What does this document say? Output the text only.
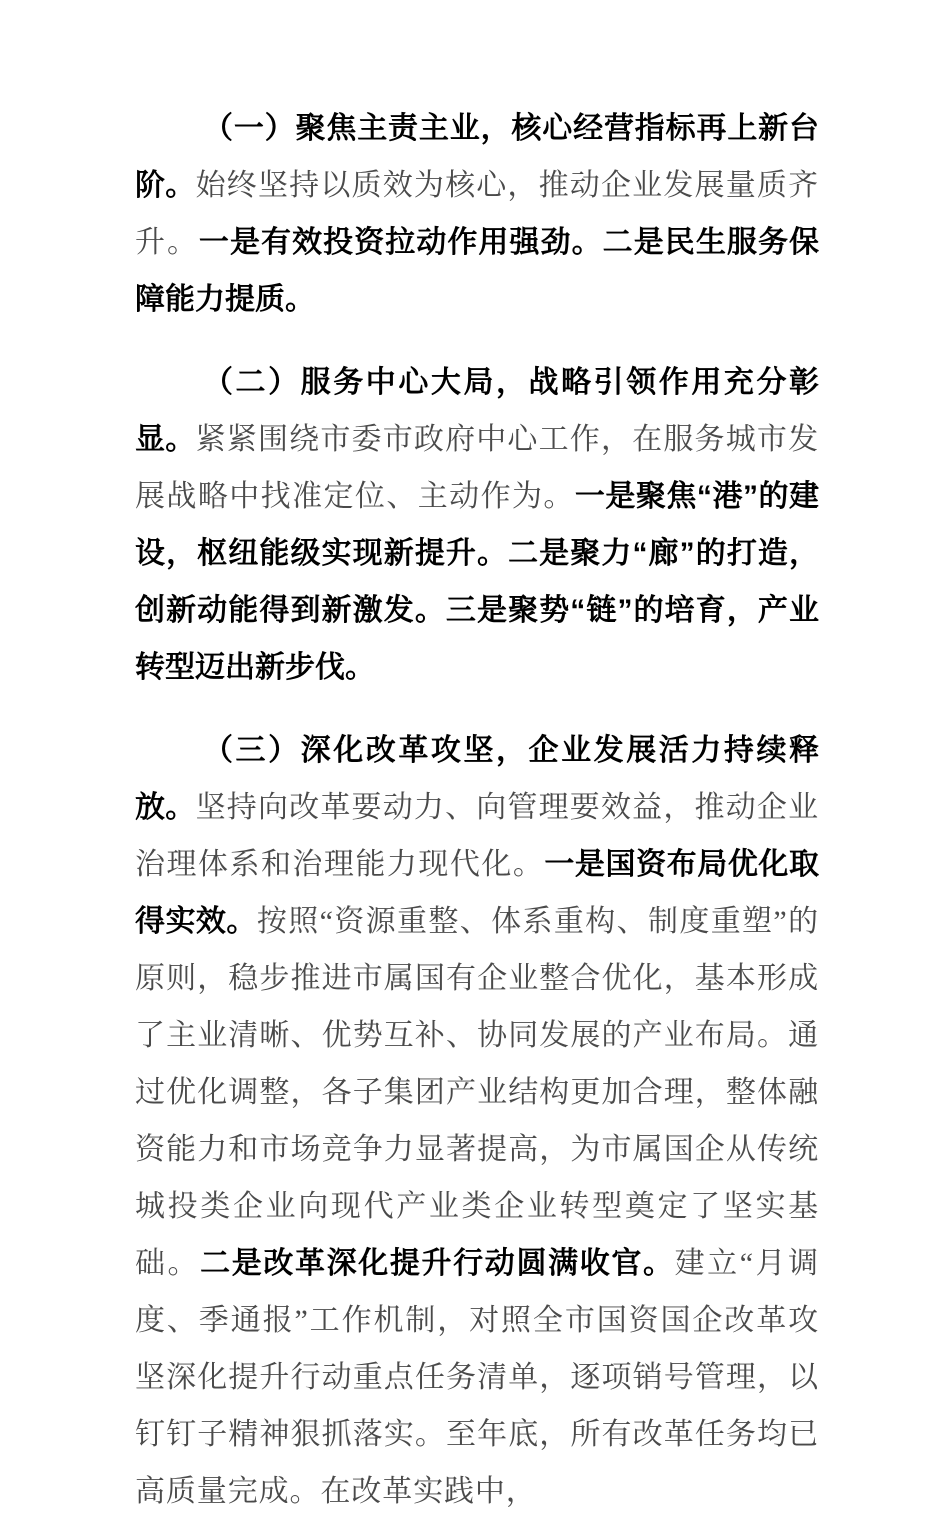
（一）聚焦主责主业，核心经营指标再上新台阶。始终坚持以质效为核心，推动企业发展量质齐升。一是有效投资拉动作用强劲。二是民生服务保障能力提质。

（二）服务中心大局，战略引领作用充分彰显。紧紧围绕市委市政府中心工作，在服务城市发展战略中找准定位、主动作为。一是聚焦“港”的建设，枢纽能级实现新提升。二是聚力“廊”的打造，创新动能得到新激发。三是聚势“链”的培育，产业转型迈出新步伐。

（三）深化改革攻坚，企业发展活力持续释放。坚持向改革要动力、向管理要效益，推动企业治理体系和治理能力现代化。一是国资布局优化取得实效。按照“资源重整、体系重构、制度重塑”的原则，稳步推进市属国有企业整合优化，基本形成了主业清晰、优势互补、协同发展的产业布局。通过优化调整，各子集团产业结构更加合理，整体融资能力和市场竞争力显著提高，为市属国企从传统城投类企业向现代产业类企业转型奠定了坚实基础。二是改革深化提升行动圆满收官。建立“月调度、季通报”工作机制，对照全市国资国企改革攻坚深化提升行动重点任务清单，逐项销号管理，以钉钉子精神狠抓落实。至年底，所有改革任务均已高质量完成。在改革实践中，
